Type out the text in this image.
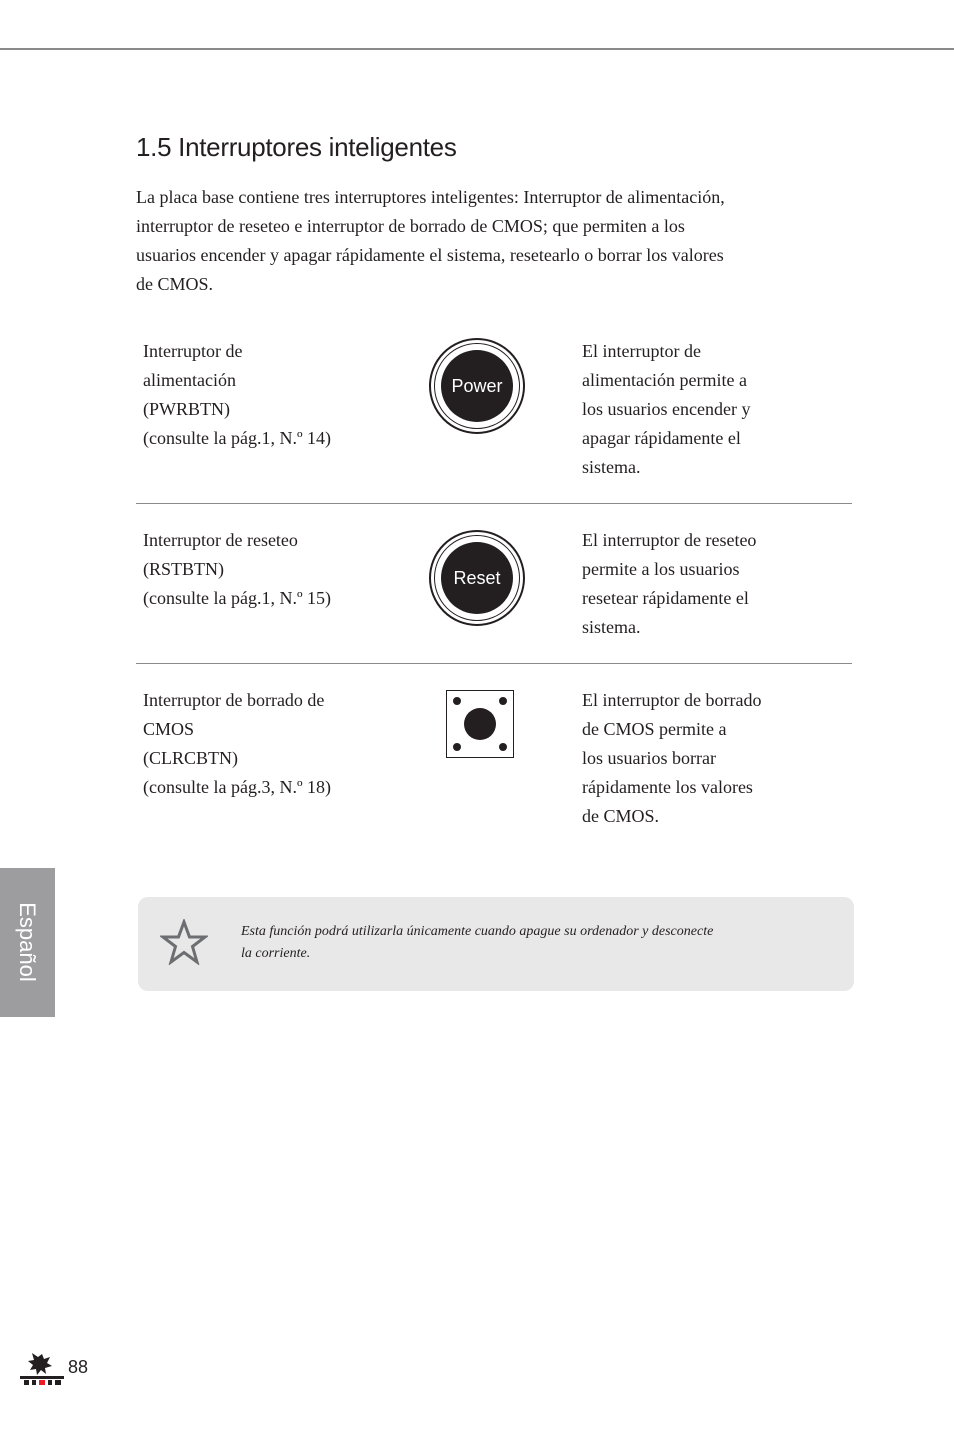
1.5 Interruptores inteligentes

La placa base contiene tres interruptores inteligentes: Interruptor de alimentación,
interruptor de reseteo e interruptor de borrado de CMOS; que permiten a los
usuarios encender y apagar rápidamente el sistema, resetearlo o borrar los valores
de CMOS.

Interruptor de
alimentación
(PWRBTN)
(consulte la pág.1, N.º 14)
Power
El interruptor de
alimentación permite a
los usuarios encender y
apagar rápidamente el
sistema.
Interruptor de reseteo
(RSTBTN)
(consulte la pág.1, N.º 15)
Reset
El interruptor de reseteo
permite a los usuarios
resetear rápidamente el
sistema.
Interruptor de borrado de
CMOS
(CLRCBTN)
(consulte la pág.3, N.º 18)
El interruptor de borrado
de CMOS permite a
los usuarios borrar
rápidamente los valores
de CMOS.

Esta función podrá utilizarla únicamente cuando apague su ordenador y desconecte
la corriente.

Español
88
